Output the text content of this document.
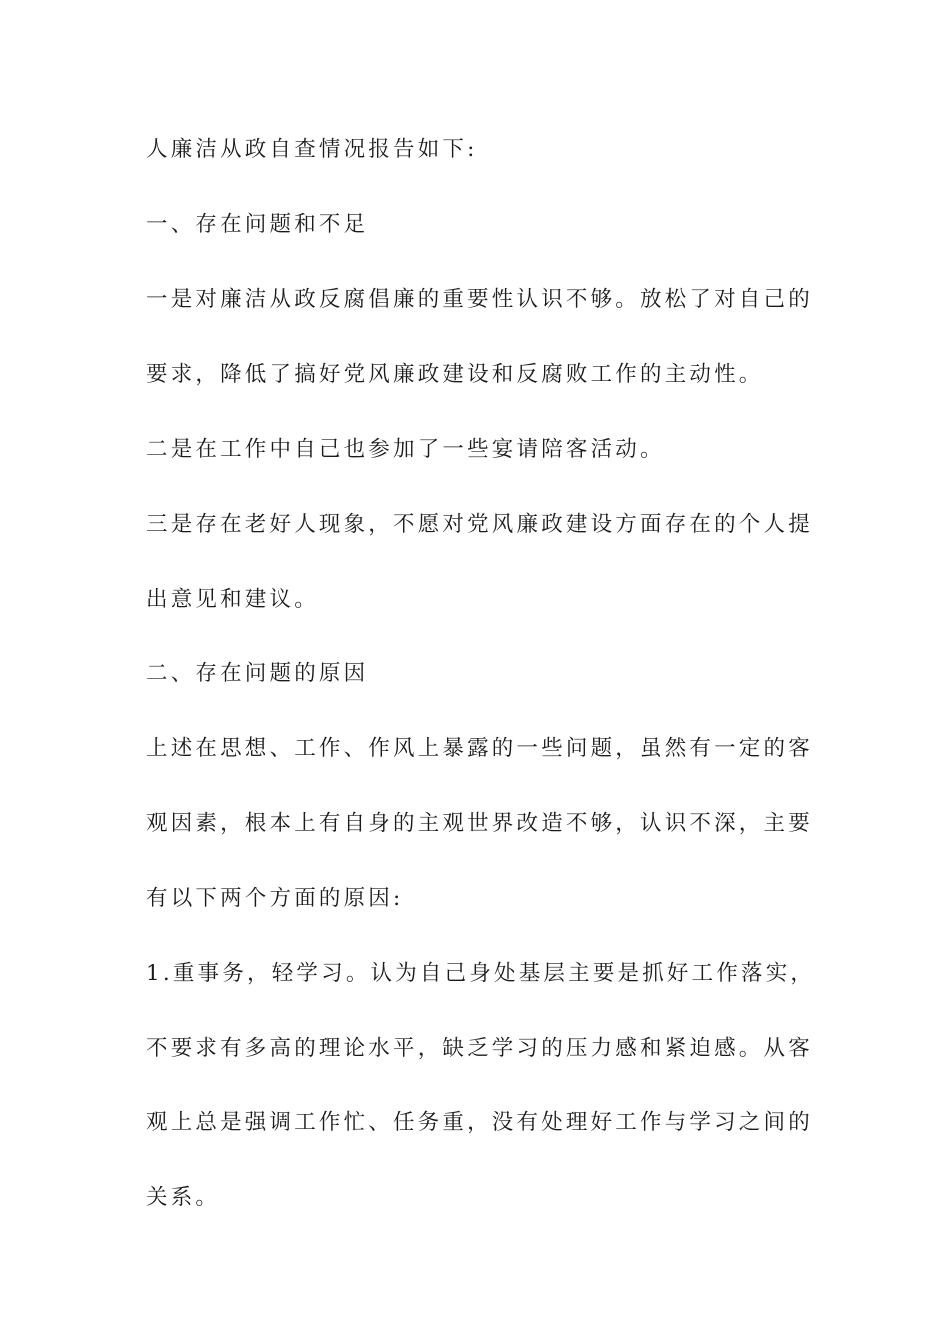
人廉洁从政自查情况报告如下:
一、存在问题和不足
一是对廉洁从政反腐倡廉的重要性认识不够。放松了对自己的
要求，降低了搞好党风廉政建设和反腐败工作的主动性。
二是在工作中自己也参加了一些宴请陪客活动。
三是存在老好人现象，不愿对党风廉政建设方面存在的个人提
出意见和建议。
二、存在问题的原因
上述在思想、工作、作风上暴露的一些问题，虽然有一定的客
观因素，根本上有自身的主观世界改造不够，认识不深，主要
有以下两个方面的原因:
1.重事务，轻学习。认为自己身处基层主要是抓好工作落实，
不要求有多高的理论水平，缺乏学习的压力感和紧迫感。从客
观上总是强调工作忙、任务重，没有处理好工作与学习之间的
关系。
